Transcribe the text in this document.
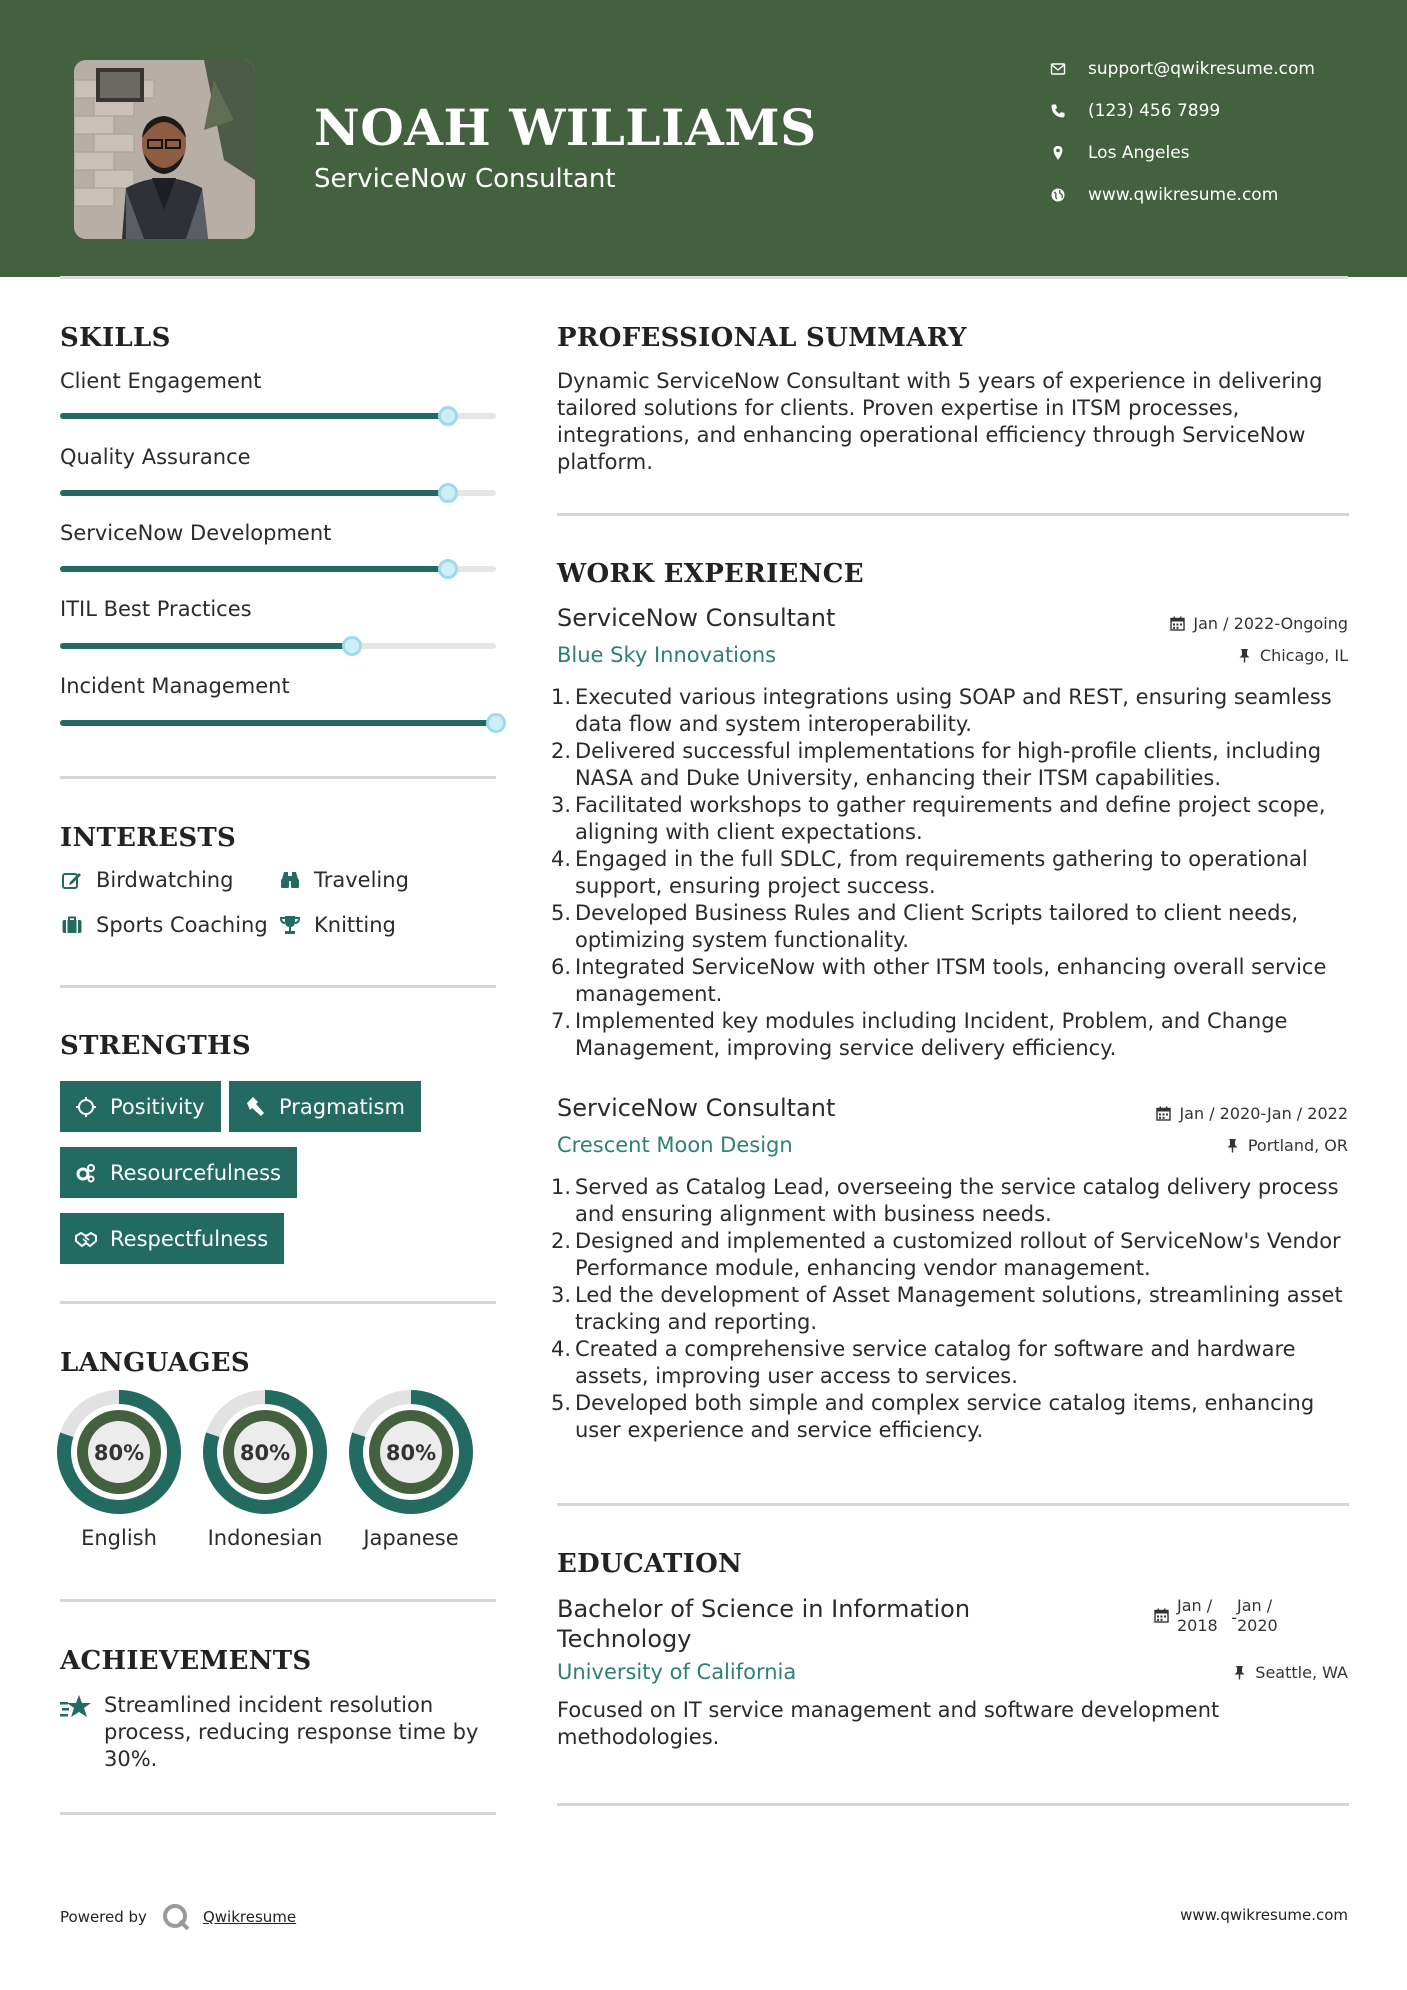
NOAH WILLIAMS
ServiceNow Consultant
support@qwikresume.com
(123) 456 7899
Los Angeles
www.qwikresume.com
SKILLS
Client Engagement
Quality Assurance
ServiceNow Development
ITIL Best Practices
Incident Management
INTERESTS
Birdwatching	Traveling
Sports Coaching Knitting
STRENGTHS
Positivity	Pragmatism
Resourcefulness
Respectfulness
LANGUAGES
80%
English
80%
Indonesian
80%
Japanese
ACHIEVEMENTS
Streamlined incident resolution process, reducing response time by 30%.
PROFESSIONAL SUMMARY
Dynamic ServiceNow Consultant with 5 years of experience in delivering tailored solutions for clients. Proven expertise in ITSM processes, integrations, and enhancing operational efficiency through ServiceNow platform.
WORK EXPERIENCE
ServiceNow Consultant	Jan / 2022-Ongoing
Blue Sky Innovations	Chicago, IL
1. Executed various integrations using SOAP and REST, ensuring seamless data flow and system interoperability.
2. Delivered successful implementations for high-profile clients, including NASA and Duke University, enhancing their ITSM capabilities.
3. Facilitated workshops to gather requirements and define project scope, aligning with client expectations.
4. Engaged in the full SDLC, from requirements gathering to operational support, ensuring project success.
5. Developed Business Rules and Client Scripts tailored to client needs, optimizing system functionality.
6. Integrated ServiceNow with other ITSM tools, enhancing overall service management.
7. Implemented key modules including Incident, Problem, and Change Management, improving service delivery efficiency.
ServiceNow Consultant	Jan / 2020-Jan / 2022
Crescent Moon Design	Portland, OR
1. Served as Catalog Lead, overseeing the service catalog delivery process and ensuring alignment with business needs.
2. Designed and implemented a customized rollout of ServiceNow's Vendor Performance module, enhancing vendor management.
3. Led the development of Asset Management solutions, streamlining asset tracking and reporting.
4. Created a comprehensive service catalog for software and hardware assets, improving user access to services.
5. Developed both simple and complex service catalog items, enhancing user experience and service efficiency.
EDUCATION
Bachelor of Science in Information
Technology
Jan /
2018 -
Jan /
2020
University of California	Seattle, WA
Focused on IT service management and software development methodologies.
Powered by	Qwikresume	www.qwikresume.com
